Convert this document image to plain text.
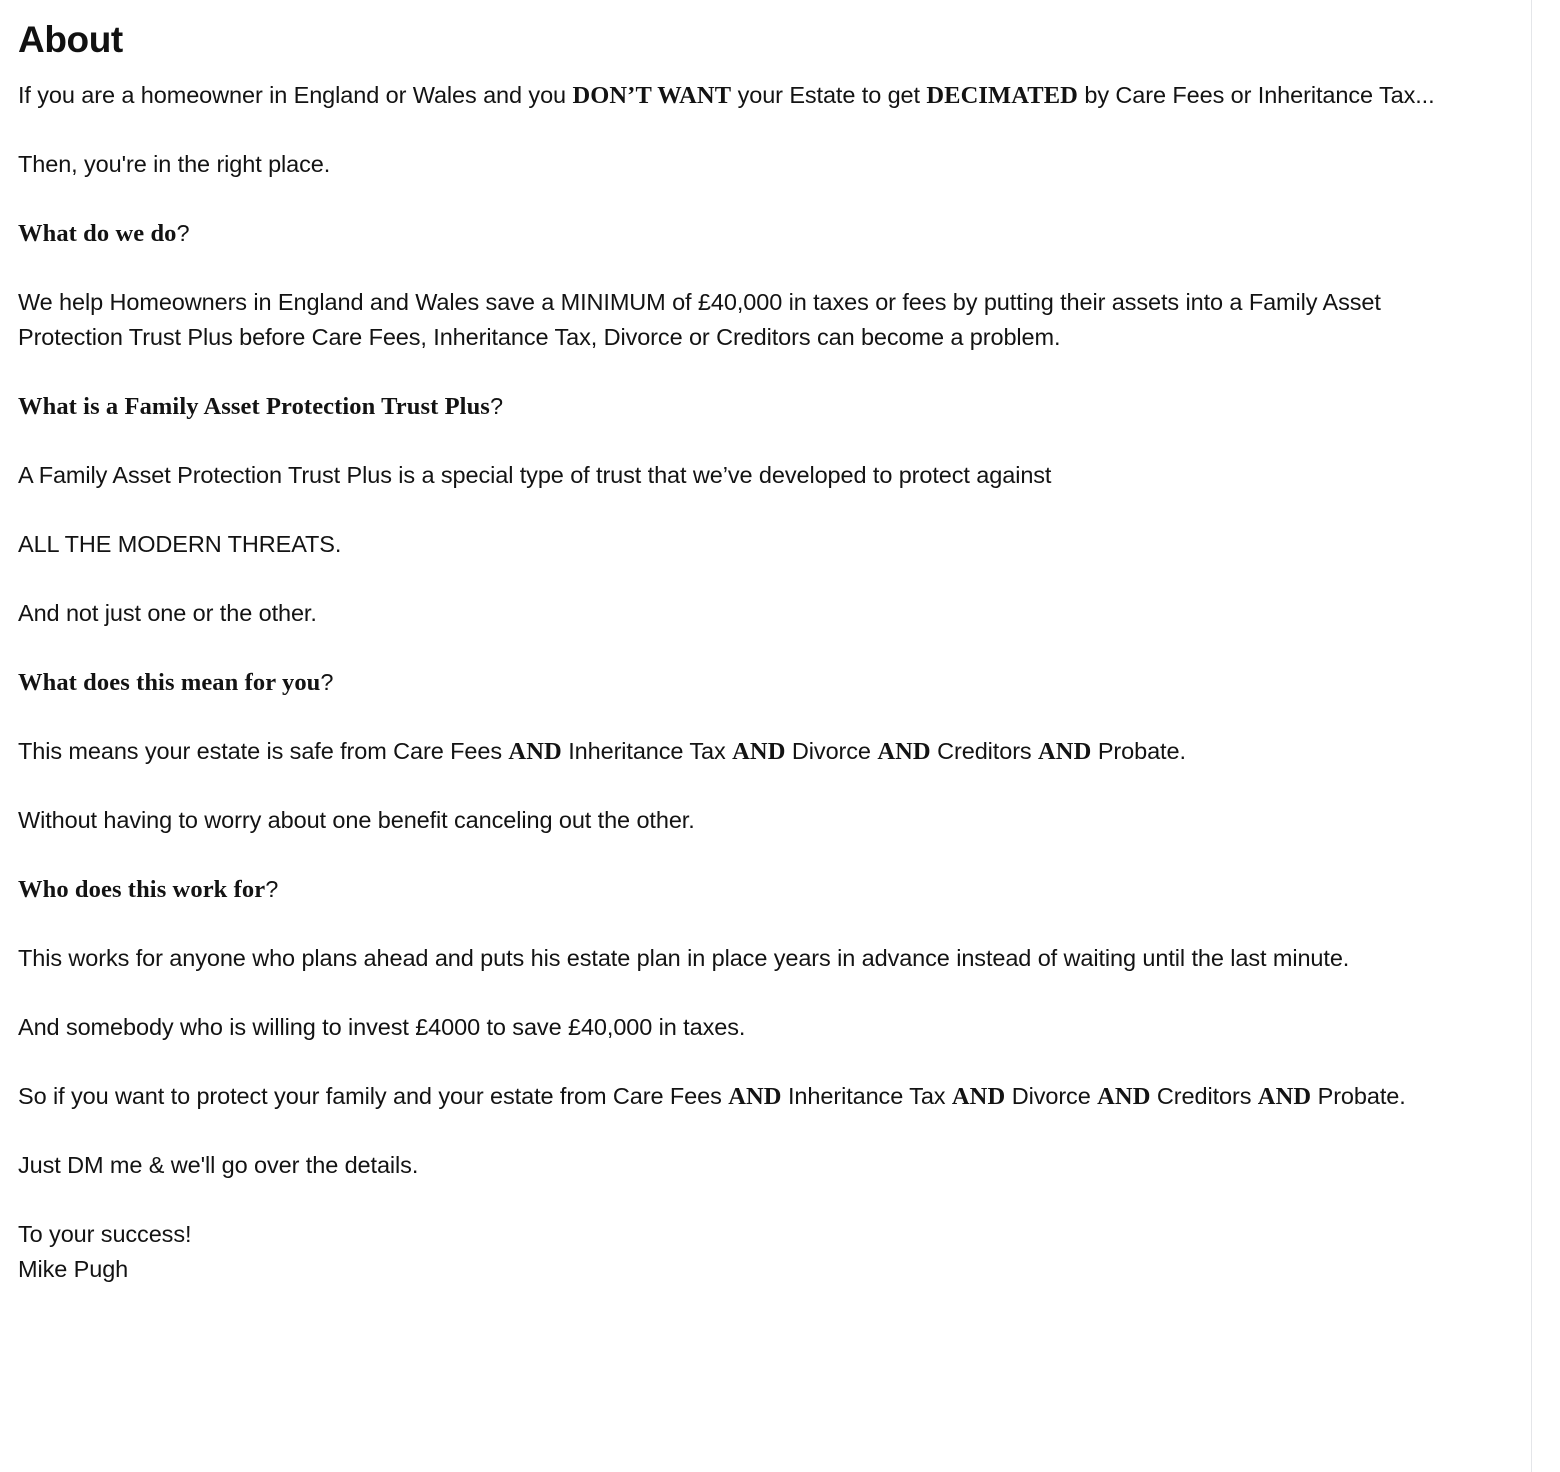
About

If you are a homeowner in England or Wales and you DON’T WANT your Estate to get DECIMATED by Care Fees or Inheritance Tax...

Then, you're in the right place.

What do we do?

We help Homeowners in England and Wales save a MINIMUM of £40,000 in taxes or fees by putting their assets into a Family Asset Protection Trust Plus before Care Fees, Inheritance Tax, Divorce or Creditors can become a problem.

What is a Family Asset Protection Trust Plus?

A Family Asset Protection Trust Plus is a special type of trust that we’ve developed to protect against

ALL THE MODERN THREATS.

And not just one or the other.

What does this mean for you?

This means your estate is safe from Care Fees AND Inheritance Tax AND Divorce AND Creditors AND Probate.

Without having to worry about one benefit canceling out the other.

Who does this work for?

This works for anyone who plans ahead and puts his estate plan in place years in advance instead of waiting until the last minute.

And somebody who is willing to invest £4000 to save £40,000 in taxes.

So if you want to protect your family and your estate from Care Fees AND Inheritance Tax AND Divorce AND Creditors AND Probate.

Just DM me & we'll go over the details.

To your success!
Mike Pugh
